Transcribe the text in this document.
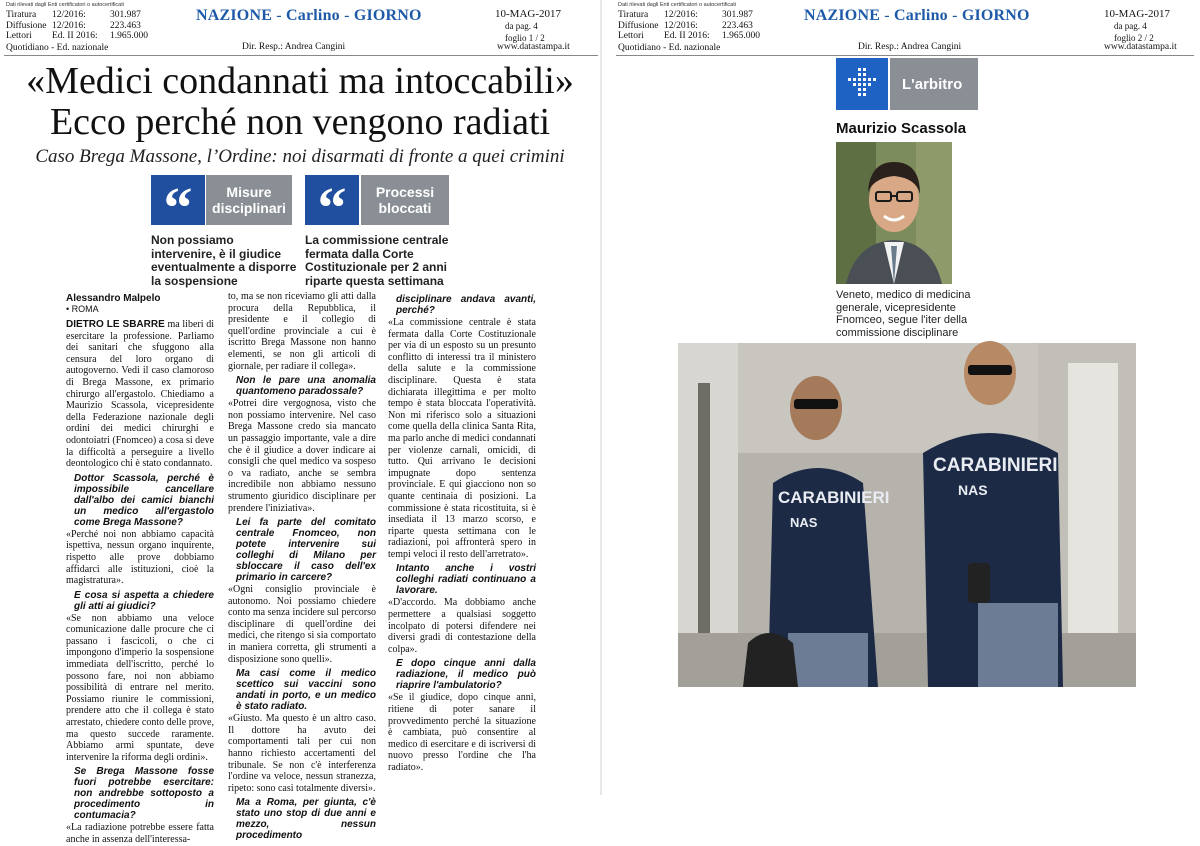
Dati rilevati dagli Enti certificatori o autocertificati
Tiratura 12/2016:	301.987
Diffusione 12/2016:	223.463
Lettori Ed. II 2016: 1.965.000
Quotidiano - Ed. nazionale
NAZIONE - Carlino - GIORNO
Dir. Resp.: Andrea Cangini
10-MAG-2017
da pag. 4
foglio 1 / 2
www.datastampa.it
«Medici condannati ma intoccabili»
Ecco perché non vengono radiati
Caso Brega Massone, l’Ordine: noi disarmati di fronte a quei crimini
“	Misure
disciplinari
Non possiamo intervenire, è il giudice eventualmente a disporre la sospensione
“	Processi
bloccati
La commissione centrale fermata dalla Corte Costituzionale per 2 anni riparte questa settimana
Alessandro Malpelo
• ROMA

DIETRO LE SBARRE ma liberi di esercitare la professione. Parliamo dei sanitari che sfuggono alla censura del loro organo di autogoverno. Vedi il caso clamoroso di Brega Massone, ex primario chirurgo all'ergastolo. Chiediamo a Maurizio Scassola, vicepresidente della Federazione nazionale degli ordini dei medici chirurghi e odontoiatri (Fnomceo) a cosa si deve la difficoltà a perseguire a livello deontologico chi è stato condannato.

Dottor Scassola, perché è impossibile cancellare dall'albo dei camici bianchi un medico all'ergastolo come Brega Massone?

«Perché noi non abbiamo capacità ispettiva, nessun organo inquirente, rispetto alle prove dobbiamo affidarci alle istituzioni, cioè la magistratura».

E cosa si aspetta a chiedere gli atti ai giudici?

«Se non abbiamo una veloce comunicazione dalle procure che ci passano i fascicoli, o che ci impongono d'imperio la sospensione immediata dell'iscritto, perché lo possono fare, noi non abbiamo possibilità di entrare nel merito. Possiamo riunire le commissioni, prendere atto che il collega è stato arrestato, chiedere conto delle prove, ma questo succede raramente. Abbiamo armi spuntate, deve intervenire la riforma degli ordini».

Se Brega Massone fosse fuori potrebbe esercitare: non andrebbe sottoposto a procedimento in contumacia?

«La radiazione potrebbe essere fatta anche in assenza dell'interessa-

to, ma se non riceviamo gli atti dalla procura della Repubblica, il presidente e il collegio di quell'ordine provinciale a cui è iscritto Brega Massone non hanno elementi, se non gli articoli di giornale, per radiare il collega».

Non le pare una anomalia quantomeno paradossale?

«Potrei dire vergognosa, visto che non possiamo intervenire. Nel caso Brega Massone credo sia mancato un passaggio importante, vale a dire che è il giudice a dover indicare ai consigli che quel medico va sospeso o va radiato, anche se sembra incredibile non abbiamo nessuno strumento giuridico disciplinare per prendere l'iniziativa».

Lei fa parte del comitato centrale Fnomceo, non potete intervenire sui colleghi di Milano per sbloccare il caso dell'ex primario in carcere?

«Ogni consiglio provinciale è autonomo. Noi possiamo chiedere conto ma senza incidere sul percorso disciplinare di quell'ordine dei medici, che ritengo si sia comportato in maniera corretta, gli strumenti a disposizione sono quelli».

Ma casi come il medico scettico sui vaccini sono andati in porto, e un medico è stato radiato.

«Giusto. Ma questo è un altro caso. Il dottore ha avuto dei comportamenti tali per cui non hanno richiesto accertamenti del tribunale. Se non c'è interferenza l'ordine va veloce, nessun stranezza, ripeto: sono casi totalmente diversi».

Ma a Roma, per giunta, c'è stato uno stop di due anni e mezzo, nessun procedimento

disciplinare andava avanti, perché?

«La commissione centrale è stata fermata dalla Corte Costituzionale per via di un esposto su un presunto conflitto di interessi tra il ministero della salute e la commissione disciplinare. Questa è stata dichiarata illegittima e per molto tempo è stata bloccata l'operatività. Non mi riferisco solo a situazioni come quella della clinica Santa Rita, ma parlo anche di medici condannati per violenze carnali, omicidi, di tutto. Qui arrivano le decisioni impugnate dopo sentenza provinciale. E qui giacciono non so quante centinaia di posizioni. La commissione è stata ricostituita, si è insediata il 13 marzo scorso, e riparte questa settimana con le radiazioni, poi affronterà spero in tempi veloci il resto dell'arretrato».

Intanto anche i vostri colleghi radiati continuano a lavorare.

«D'accordo. Ma dobbiamo anche permettere a qualsiasi soggetto incolpato di potersi difendere nei diversi gradi di contestazione della colpa».

E dopo cinque anni dalla radiazione, il medico può riaprire l'ambulatorio?

«Se il giudice, dopo cinque anni, ritiene di poter sanare il provvedimento perché la situazione è cambiata, può consentire al medico di esercitare e di iscriversi di nuovo presso l'ordine che l'ha radiato».

Dati rilevati dagli Enti certificatori o autocertificati
Tiratura 12/2016:	301.987
Diffusione 12/2016:	223.463
Lettori Ed. II 2016: 1.965.000
Quotidiano - Ed. nazionale
NAZIONE - Carlino - GIORNO
Dir. Resp.: Andrea Cangini
10-MAG-2017
da pag. 4
foglio 2 / 2
www.datastampa.it
L'arbitro
Maurizio Scassola
Veneto, medico di medicina generale, vicepresidente Fnomceo, segue l'iter della commissione disciplinare
CARABINIERI
NAS
CARABINIERI
NAS
